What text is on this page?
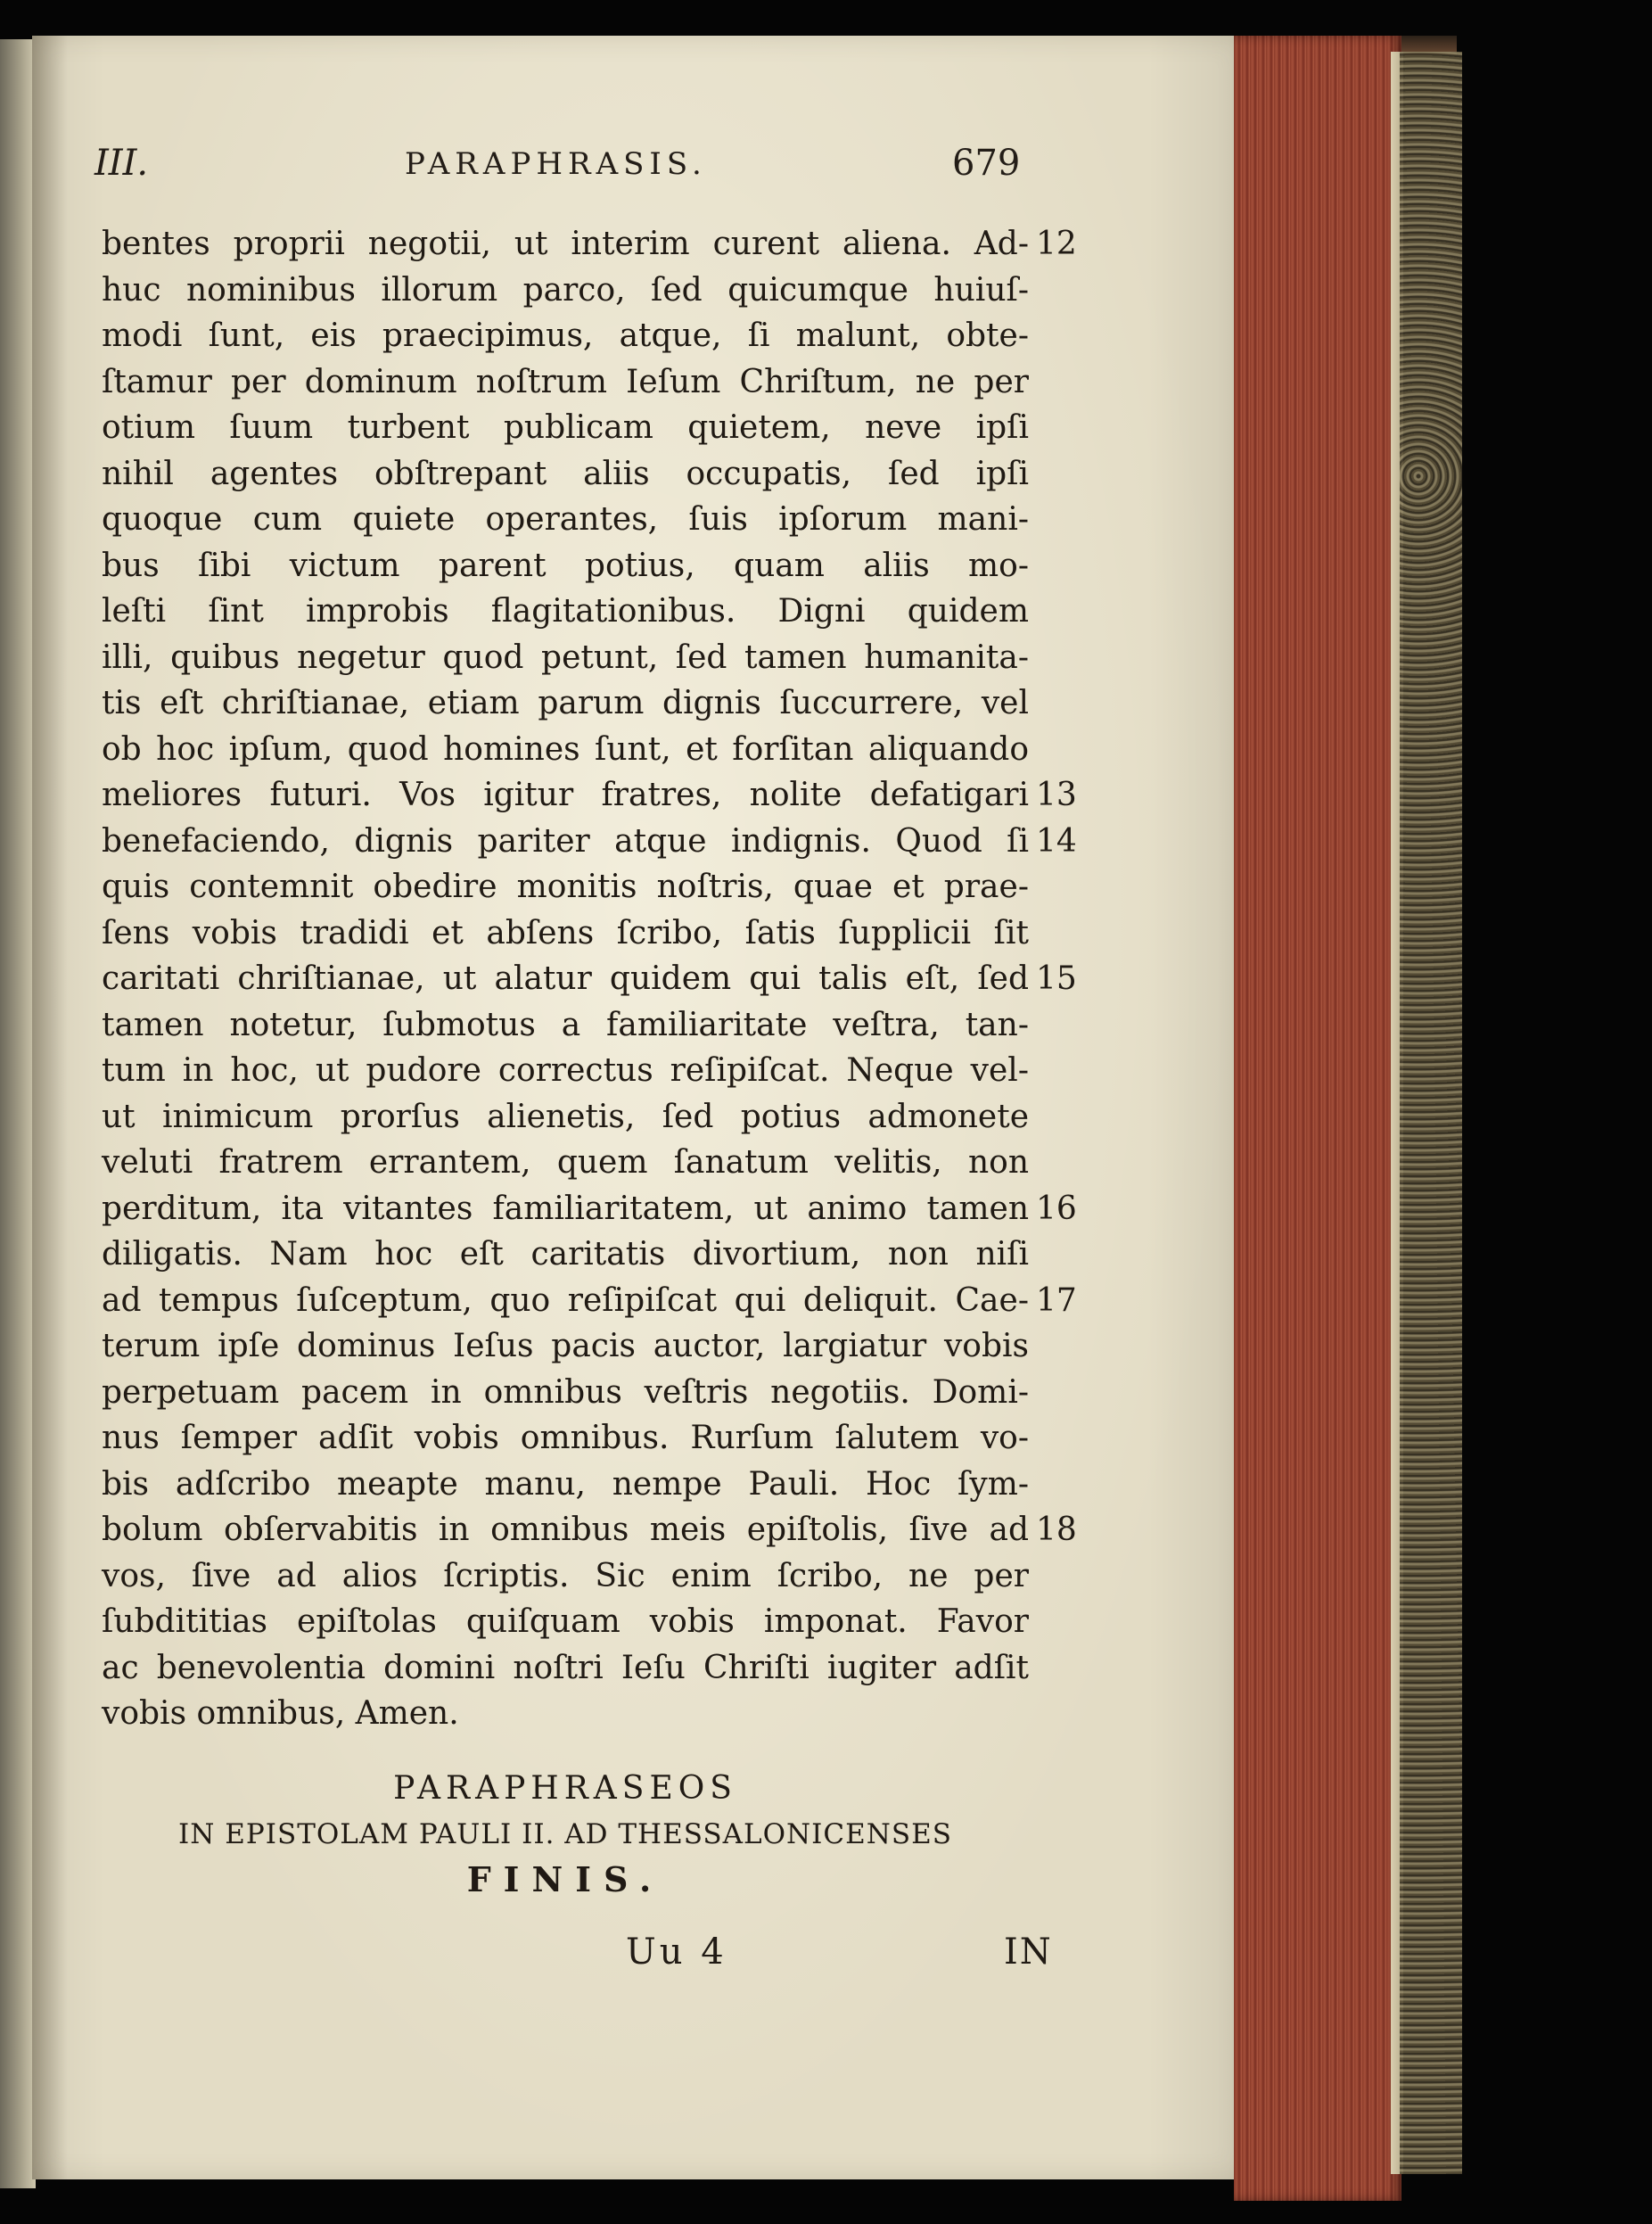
III.	PARAPHRASIS.	679
bentes proprii negotii, ut interim curent aliena. Ad- 12
huc nominibus illorum parco, ſed quicumque huiuſ-
modi ſunt, eis praecipimus, atque, ſi malunt, obte-
ſtamur per dominum noſtrum Ieſum Chriſtum, ne per
otium ſuum turbent publicam quietem, neve ipſi
nihil agentes obſtrepant aliis occupatis, ſed ipſi
quoque cum quiete operantes, ſuis ipſorum mani-
bus ſibi victum parent potius, quam aliis mo-
leſti ſint improbis flagitationibus. Digni quidem
illi, quibus negetur quod petunt, ſed tamen humanita-
tis eſt chriſtianae, etiam parum dignis ſuccurrere, vel
ob hoc ipſum, quod homines ſunt, et forſitan aliquando
meliores futuri. Vos igitur fratres, nolite defatigari 13
benefaciendo, dignis pariter atque indignis. Quod ſi 14
quis contemnit obedire monitis noſtris, quae et prae-
ſens vobis tradidi et abſens ſcribo, ſatis ſupplicii ſit
caritati chriſtianae, ut alatur quidem qui talis eſt, ſed 15
tamen notetur, ſubmotus a familiaritate veſtra, tan-
tum in hoc, ut pudore correctus reſipiſcat. Neque vel-
ut inimicum prorſus alienetis, ſed potius admonete
veluti fratrem errantem, quem ſanatum velitis, non
perditum, ita vitantes familiaritatem, ut animo tamen 16
diligatis. Nam hoc eſt caritatis divortium, non niſi
ad tempus ſuſceptum, quo reſipiſcat qui deliquit. Cae- 17
terum ipſe dominus Ieſus pacis auctor, largiatur vobis
perpetuam pacem in omnibus veſtris negotiis. Domi-
nus ſemper adſit vobis omnibus. Rurſum ſalutem vo-
bis adſcribo meapte manu, nempe Pauli. Hoc ſym-
bolum obſervabitis in omnibus meis epiſtolis, ſive ad 18
vos, ſive ad alios ſcriptis. Sic enim ſcribo, ne per
ſubdititias epiſtolas quiſquam vobis imponat. Favor
ac benevolentia domini noſtri Ieſu Chriſti iugiter adſit
vobis omnibus, Amen.
PARAPHRASEOS
IN EPISTOLAM PAULI II. AD THESSALONICENSES
FINIS.
Uu 4	IN
